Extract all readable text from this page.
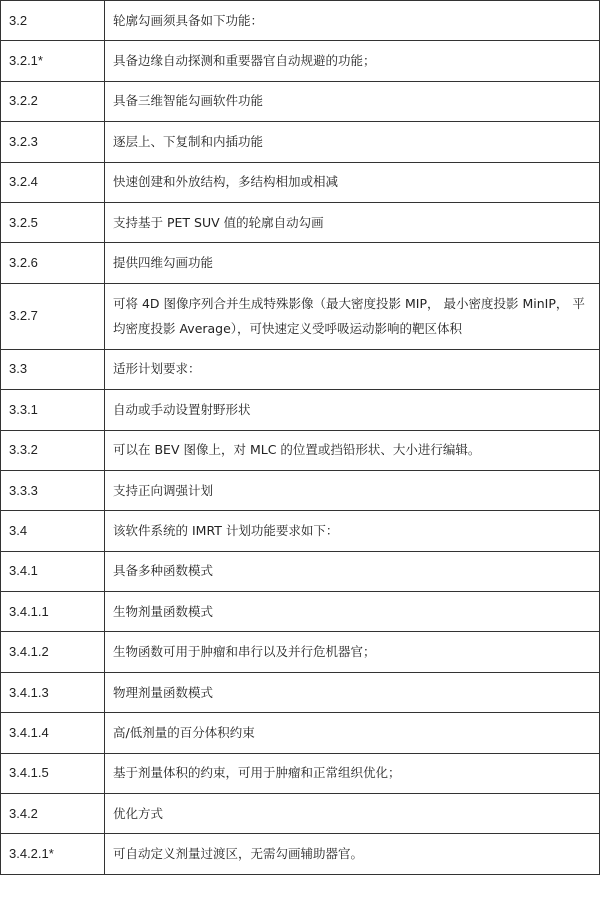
3.2	轮廓勾画须具备如下功能：
3.2.1*	具备边缘自动探测和重要器官自动规避的功能；
3.2.2	具备三维智能勾画软件功能
3.2.3	逐层上、下复制和内插功能
3.2.4	快速创建和外放结构，多结构相加或相减
3.2.5	支持基于 PET SUV 值的轮廓自动勾画
3.2.6	提供四维勾画功能
3.2.7	可将 4D 图像序列合并生成特殊影像（最大密度投影 MIP， 最小密度投影 MinIP， 平均密度投影 Average），可快速定义受呼吸运动影响的靶区体积
3.3	适形计划要求：
3.3.1	自动或手动设置射野形状
3.3.2	可以在 BEV 图像上，对 MLC 的位置或挡铅形状、大小进行编辑。
3.3.3	支持正向调强计划
3.4	该软件系统的 IMRT 计划功能要求如下：
3.4.1	具备多种函数模式
3.4.1.1	生物剂量函数模式
3.4.1.2	生物函数可用于肿瘤和串行以及并行危机器官；
3.4.1.3	物理剂量函数模式
3.4.1.4	高/低剂量的百分体积约束
3.4.1.5	基于剂量体积的约束，可用于肿瘤和正常组织优化；
3.4.2	优化方式
3.4.2.1*	可自动定义剂量过渡区，无需勾画辅助器官。
